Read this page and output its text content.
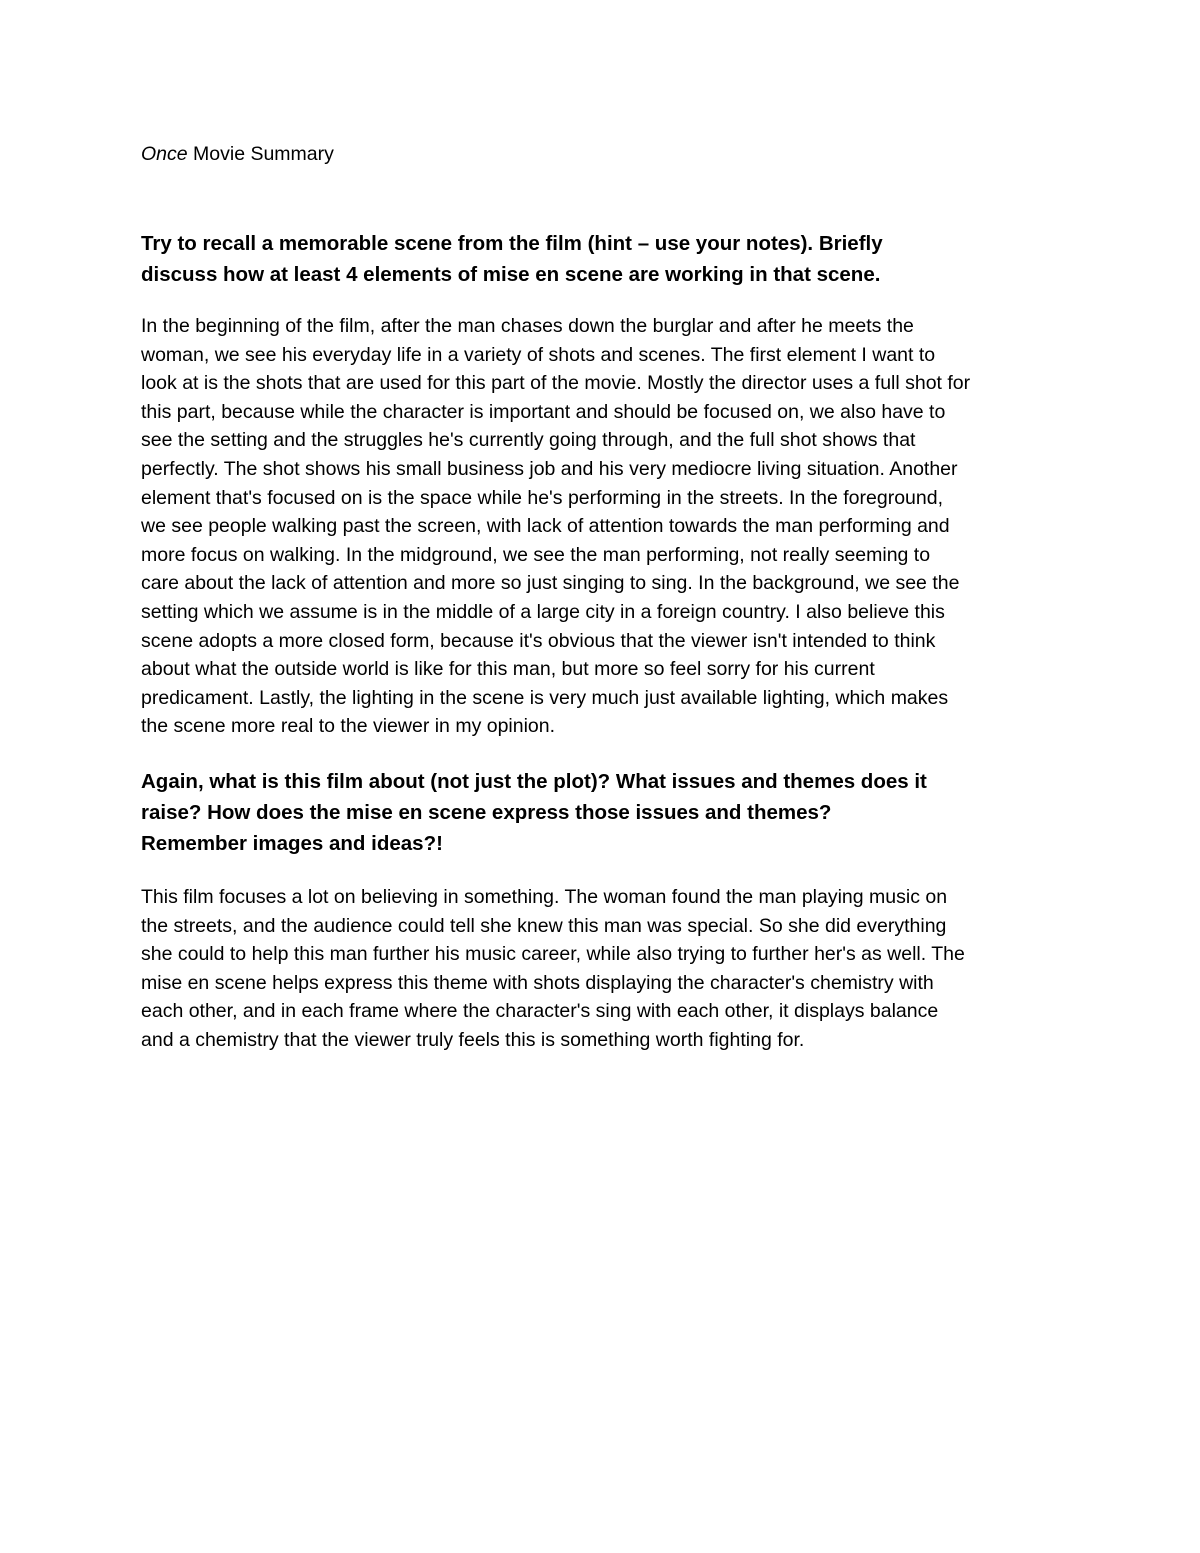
Once Movie Summary

Try to recall a memorable scene from the film (hint – use your notes). Briefly
discuss how at least 4 elements of mise en scene are working in that scene.
In the beginning of the film, after the man chases down the burglar and after he meets the
woman, we see his everyday life in a variety of shots and scenes. The first element I want to
look at is the shots that are used for this part of the movie. Mostly the director uses a full shot for
this part, because while the character is important and should be focused on, we also have to
see the setting and the struggles he's currently going through, and the full shot shows that
perfectly. The shot shows his small business job and his very mediocre living situation. Another
element that's focused on is the space while he's performing in the streets. In the foreground,
we see people walking past the screen, with lack of attention towards the man performing and
more focus on walking. In the midground, we see the man performing, not really seeming to
care about the lack of attention and more so just singing to sing. In the background, we see the
setting which we assume is in the middle of a large city in a foreign country. I also believe this
scene adopts a more closed form, because it's obvious that the viewer isn't intended to think
about what the outside world is like for this man, but more so feel sorry for his current
predicament. Lastly, the lighting in the scene is very much just available lighting, which makes
the scene more real to the viewer in my opinion.
Again, what is this film about (not just the plot)? What issues and themes does it
raise? How does the mise en scene express those issues and themes?
Remember images and ideas?!
This film focuses a lot on believing in something. The woman found the man playing music on
the streets, and the audience could tell she knew this man was special. So she did everything
she could to help this man further his music career, while also trying to further her's as well. The
mise en scene helps express this theme with shots displaying the character's chemistry with
each other, and in each frame where the character's sing with each other, it displays balance
and a chemistry that the viewer truly feels this is something worth fighting for.
